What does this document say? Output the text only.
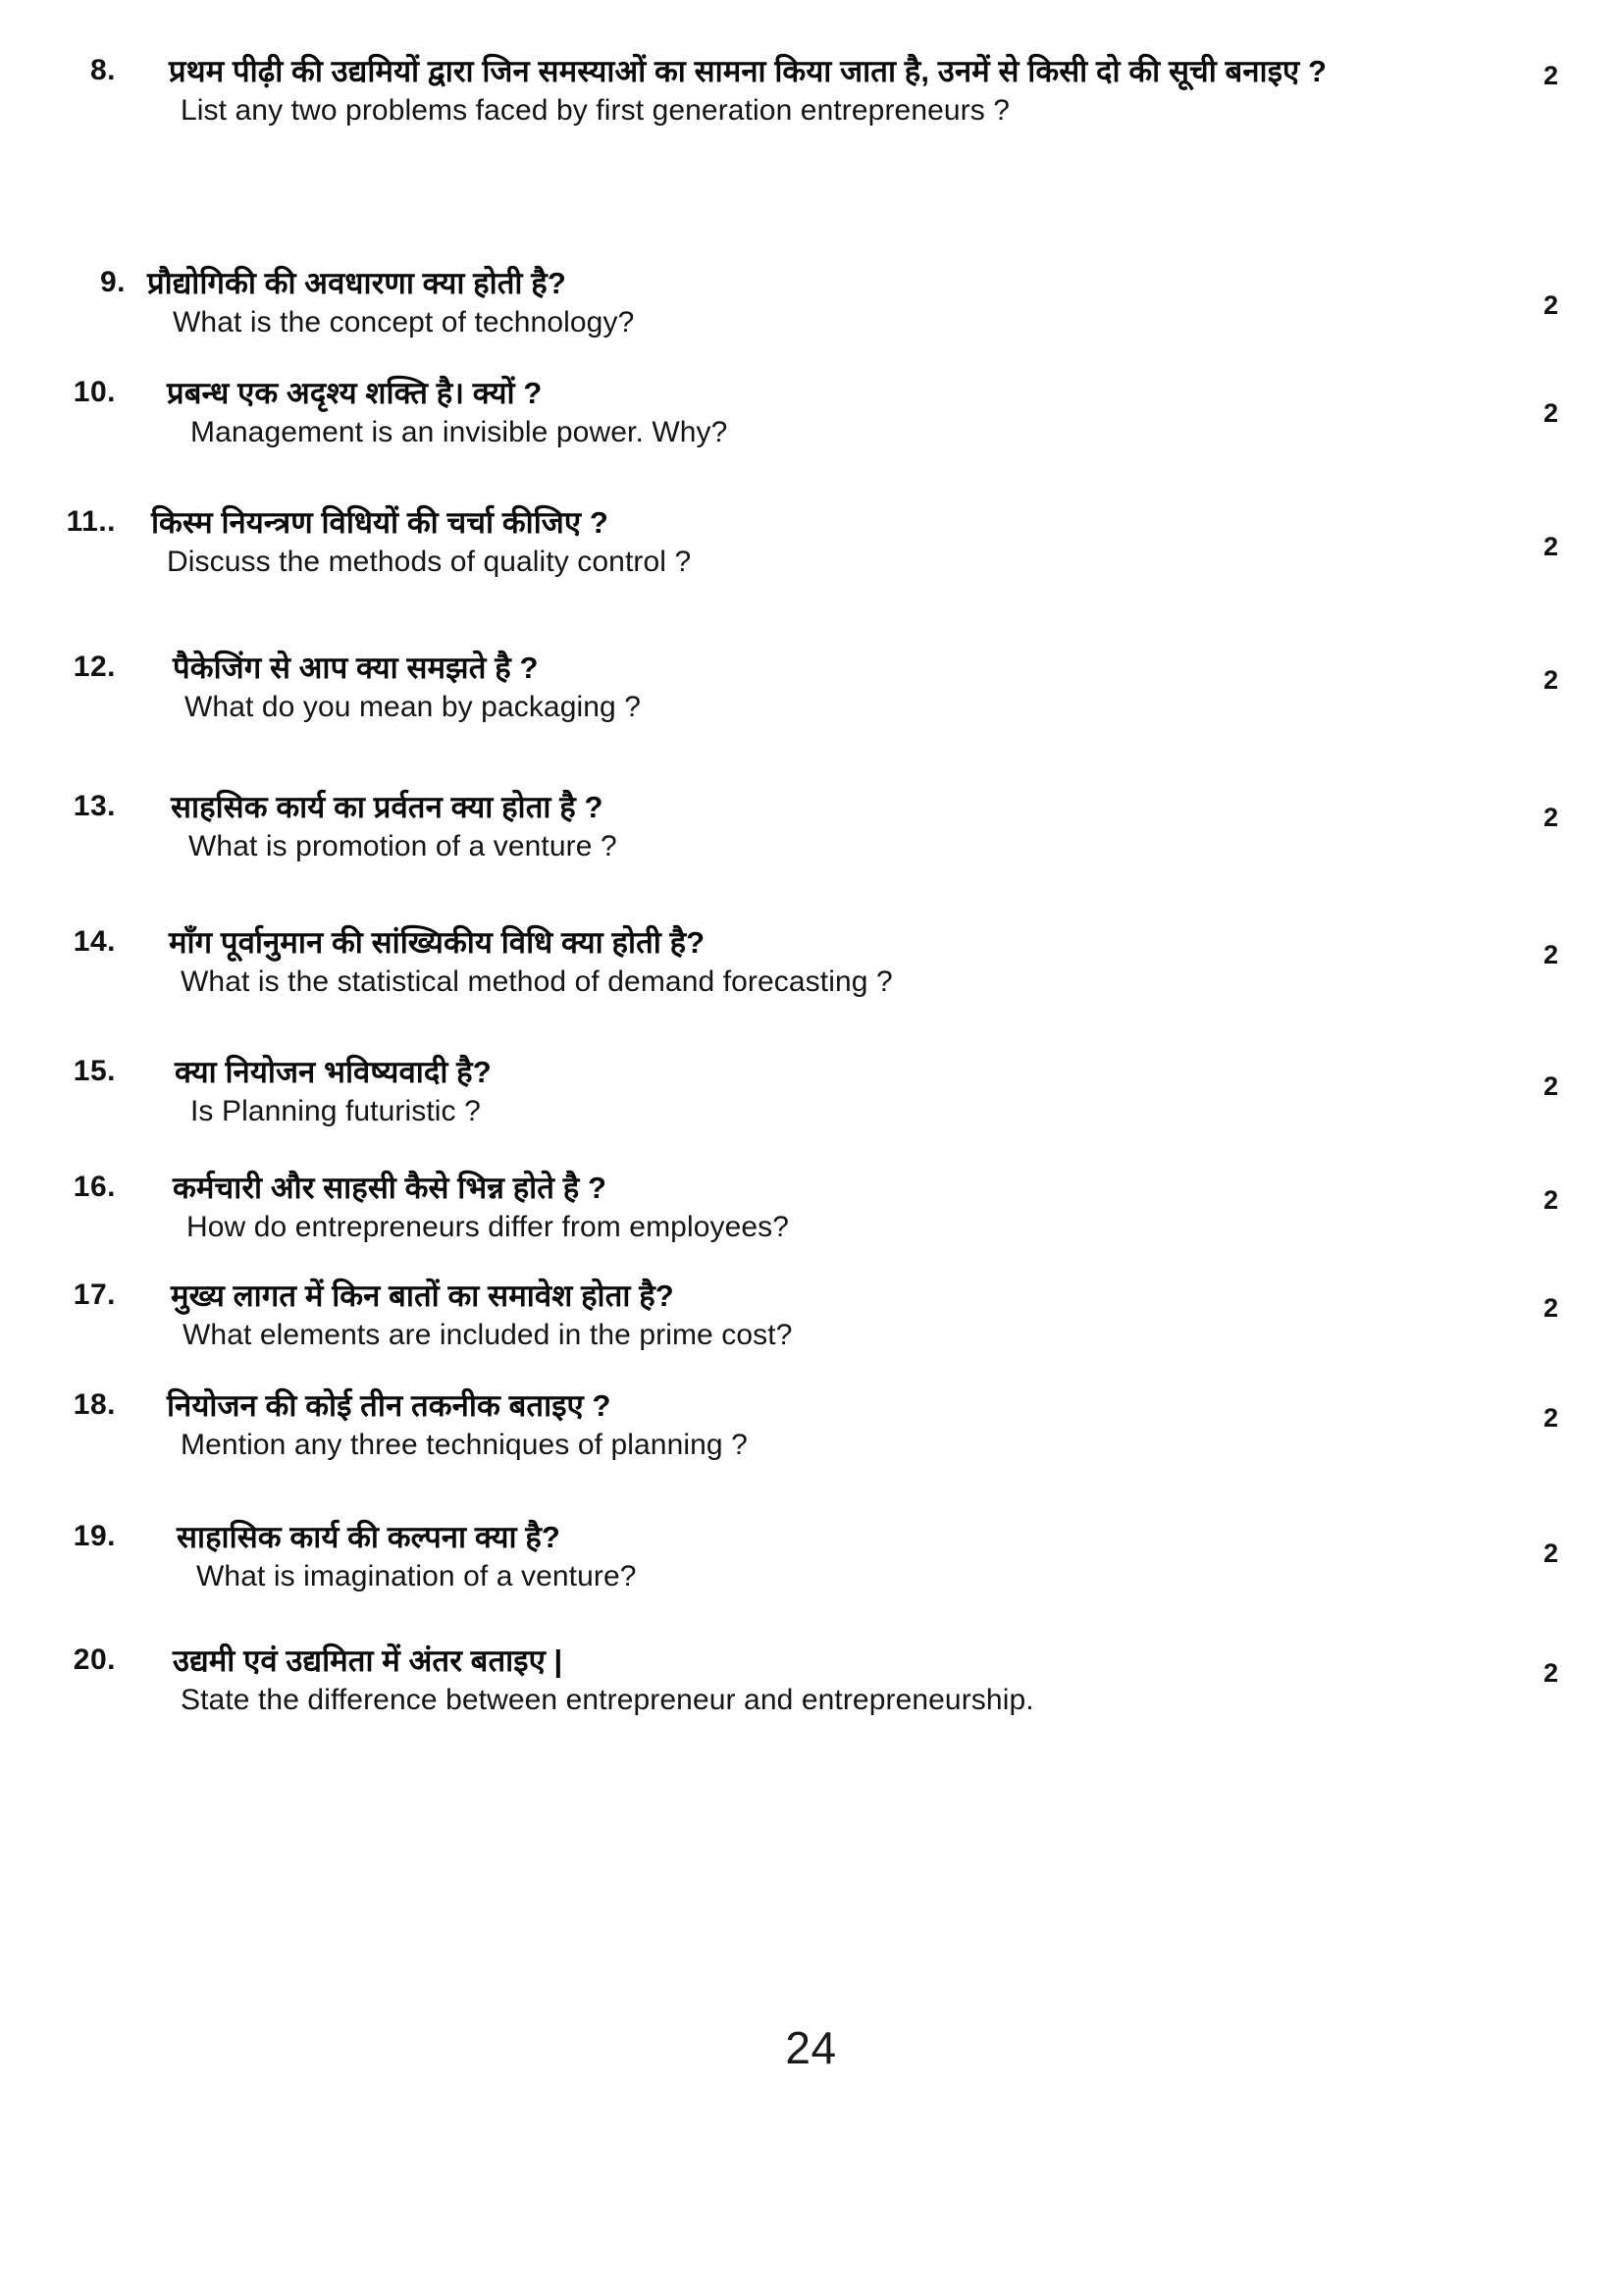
8.	प्रथम पीढ़ी की उद्यमियों द्वारा जिन समस्याओं का सामना किया जाता है, उनमें से किसी दो की सूची बनाइए ?

List any two problems faced by first generation entrepreneurs ?

2
9. प्रौद्योगिकी की अवधारणा क्या होती है?

What is the concept of technology?

2
10.	प्रबन्ध एक अदृश्य शक्ति है। क्यों ?

Management is an invisible power. Why?

2
11.. किस्म नियन्त्रण विधियों की चर्चा कीजिए ?

Discuss the methods of quality control ?	2
12.	पैकेजिंग से आप क्या समझते है ?

What do you mean by packaging ?

2
13.	साहसिक कार्य का प्रर्वतन क्या होता है ?

What is promotion of a venture ?

2
14.	माँग पूर्वानुमान की सांख्यिकीय विधि क्या होती है?

What is the statistical method of demand forecasting ?

2
15.	क्या नियोजन भविष्यवादी है?

Is Planning futuristic ?

2
16.	कर्मचारी और साहसी कैसे भिन्न होते है ?

How do entrepreneurs differ from employees?

2
17.	मुख्य लागत में किन बातों का समावेश होता है?

What elements are included in the prime cost?

2
18.	नियोजन की कोई तीन तकनीक बताइए ?

Mention any three techniques of planning ?

2
19.	साहासिक कार्य की कल्पना क्या है?

What is imagination of a venture?

2
20.	उद्यमी एवं उद्यमिता में अंतर बताइए |

State the difference between entrepreneur and entrepreneurship.

2
24
